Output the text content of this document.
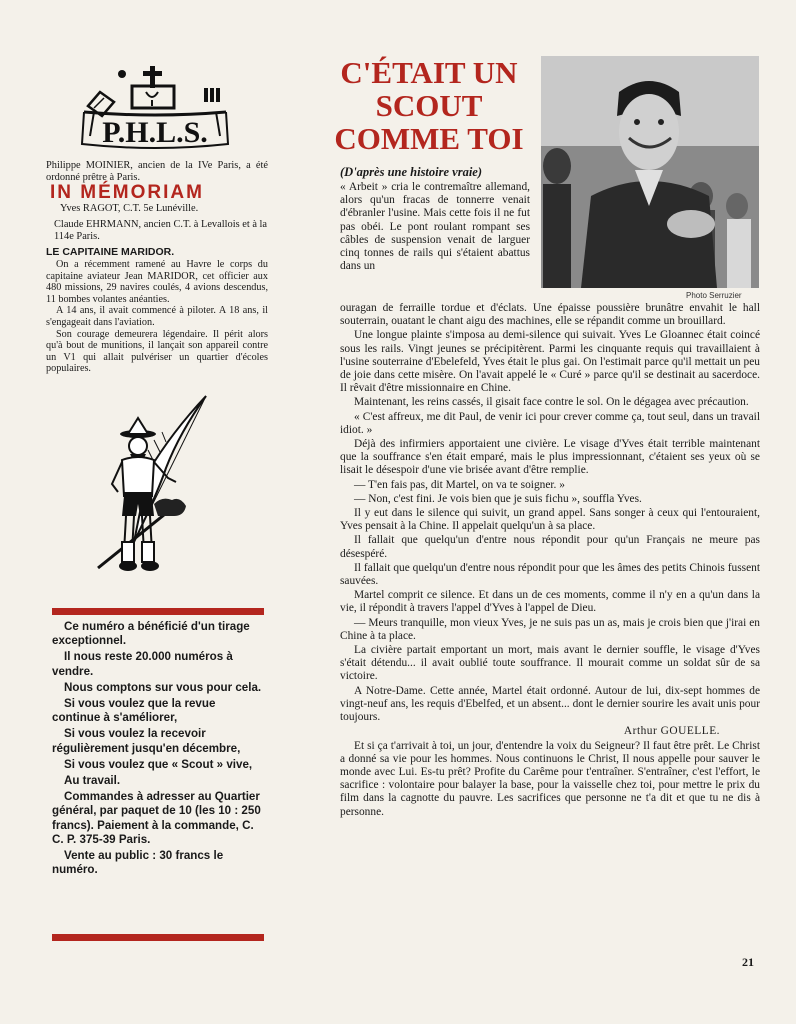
P.H.L.S.
Philippe MOINIER, ancien de la IVe Paris, a été ordonné prêtre à Paris.
IN MÉMORIAM
Yves RAGOT, C.T. 5e Lunéville.
Claude EHRMANN, ancien C.T. à Levallois et à la 114e Paris.
LE CAPITAINE MARIDOR.

On a récemment ramené au Havre le corps du capitaine aviateur Jean MARIDOR, cet officier aux 480 missions, 29 navires coulés, 4 avions descendus, 11 bombes volantes anéanties.

A 14 ans, il avait commencé à piloter. A 18 ans, il s'engageait dans l'aviation.

Son courage demeurera légendaire. Il périt alors qu'à bout de munitions, il lançait son appareil contre un V1 qui allait pulvériser un quartier d'écoles populaires.

Ce numéro a bénéficié d'un tirage exceptionnel.

Il nous reste 20.000 numéros à vendre.

Nous comptons sur vous pour cela.

Si vous voulez que la revue continue à s'améliorer,

Si vous voulez la recevoir régulièrement jusqu'en décembre,

Si vous voulez que « Scout » vive,

Au travail.

Commandes à adresser au Quartier général, par paquet de 10 (les 10 : 250 francs). Paiement à la commande, C. C. P. 375-39 Paris.

Vente au public : 30 francs le numéro.

C'ÉTAIT UN
SCOUT
COMME TOI
Photo Serruzier
(D'après une histoire vraie)

« Arbeit » cria le contremaître allemand, alors qu'un fracas de tonnerre venait d'ébranler l'usine. Mais cette fois il ne fut pas obéi. Le pont roulant rompant ses câbles de suspension venait de larguer cinq tonnes de rails qui s'étaient abattus dans un

ouragan de ferraille tordue et d'éclats. Une épaisse poussière brunâtre envahit le hall souterrain, ouatant le chant aigu des machines, elle se répandit comme un brouillard.

Une longue plainte s'imposa au demi-silence qui suivait. Yves Le Gloannec était coincé sous les rails. Vingt jeunes se précipitèrent. Parmi les cinquante requis qui travaillaient à l'usine souterraine d'Ebelefeld, Yves était le plus gai. On l'estimait parce qu'il mettait un peu de joie dans cette misère. On l'avait appelé le « Curé » parce qu'il se destinait au sacerdoce. Il rêvait d'être missionnaire en Chine.

Maintenant, les reins cassés, il gisait face contre le sol. On le dégagea avec précaution.

« C'est affreux, me dit Paul, de venir ici pour crever comme ça, tout seul, dans un travail idiot. »

Déjà des infirmiers apportaient une civière. Le visage d'Yves était terrible maintenant que la souffrance s'en était emparé, mais le plus impressionnant, c'étaient ses yeux où se lisait le désespoir d'une vie brisée avant d'être remplie.

— T'en fais pas, dit Martel, on va te soigner. »

— Non, c'est fini. Je vois bien que je suis fichu », souffla Yves.

Il y eut dans le silence qui suivit, un grand appel. Sans songer à ceux qui l'entouraient, Yves pensait à la Chine. Il appelait quelqu'un à sa place.

Il fallait que quelqu'un d'entre nous répondit pour qu'un Français ne meure pas désespéré.

Il fallait que quelqu'un d'entre nous répondit pour que les âmes des petits Chinois fussent sauvées.

Martel comprit ce silence. Et dans un de ces moments, comme il n'y en a qu'un dans la vie, il répondit à travers l'appel d'Yves à l'appel de Dieu.

— Meurs tranquille, mon vieux Yves, je ne suis pas un as, mais je crois bien que j'irai en Chine à ta place.

La civière partait emportant un mort, mais avant le dernier souffle, le visage d'Yves s'était détendu... il avait oublié toute souffrance. Il mourait comme un soldat sûr de sa victoire.

A Notre-Dame. Cette année, Martel était ordonné. Autour de lui, dix-sept hommes de vingt-neuf ans, les requis d'Ebelfed, et un absent... dont le dernier sourire les avait unis pour toujours.

Arthur GOUELLE.

Et si ça t'arrivait à toi, un jour, d'entendre la voix du Seigneur? Il faut être prêt. Le Christ a donné sa vie pour les hommes. Nous continuons le Christ, Il nous appelle pour sauver le monde avec Lui. Es-tu prêt? Profite du Carême pour t'entraîner. S'entraîner, c'est l'effort, le sacrifice : volontaire pour balayer la base, pour la vaisselle chez toi, pour mettre le prix du film dans la cagnotte du pauvre. Les sacrifices que personne ne t'a dit et que tu ne dis à personne.

21
